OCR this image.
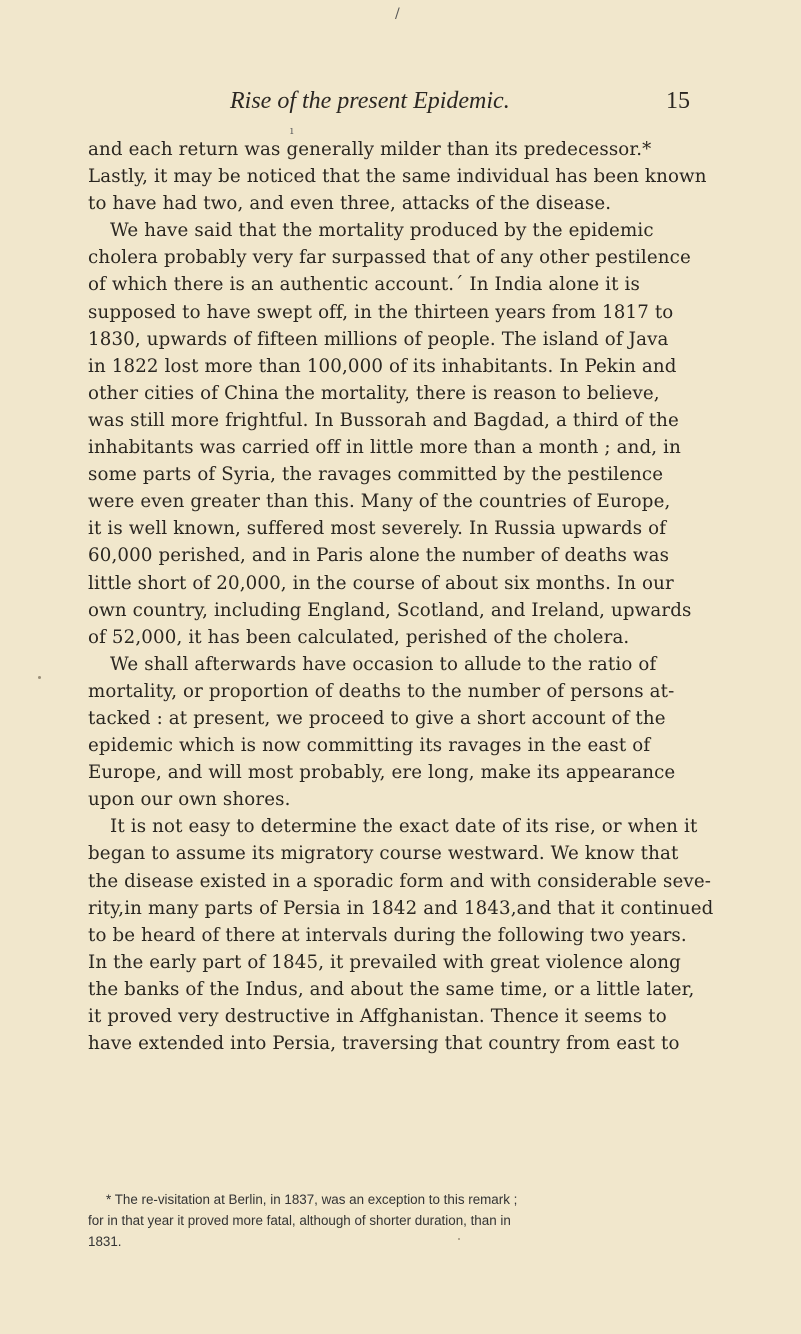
/
Rise of the present Epidemic.	15
ı
and each return was generally milder than its predecessor.*
Lastly, it may be noticed that the same individual has been known
to have had two, and even three, attacks of the disease.
We have said that the mortality produced by the epidemic
cholera probably very far surpassed that of any other pestilence
of which there is an authentic account.ˊ In India alone it is
supposed to have swept off, in the thirteen years from 1817 to
1830, upwards of fifteen millions of people. The island of Java
in 1822 lost more than 100,000 of its inhabitants. In Pekin and
other cities of China the mortality, there is reason to believe,
was still more frightful. In Bussorah and Bagdad, a third of the
inhabitants was carried off in little more than a month ; and, in
some parts of Syria, the ravages committed by the pestilence
were even greater than this. Many of the countries of Europe,
it is well known, suffered most severely. In Russia upwards of
60,000 perished, and in Paris alone the number of deaths was
little short of 20,000, in the course of about six months. In our
own country, including England, Scotland, and Ireland, upwards
of 52,000, it has been calculated, perished of the cholera.
We shall afterwards have occasion to allude to the ratio of
mortality, or proportion of deaths to the number of persons at-
tacked : at present, we proceed to give a short account of the
epidemic which is now committing its ravages in the east of
Europe, and will most probably, ere long, make its appearance
upon our own shores.
It is not easy to determine the exact date of its rise, or when it
began to assume its migratory course westward. We know that
the disease existed in a sporadic form and with considerable seve-
rity,in many parts of Persia in 1842 and 1843,and that it continued
to be heard of there at intervals during the following two years.
In the early part of 1845, it prevailed with great violence along
the banks of the Indus, and about the same time, or a little later,
it proved very destructive in Affghanistan. Thence it seems to
have extended into Persia, traversing that country from east to
* The re-visitation at Berlin, in 1837, was an exception to this remark ;
for in that year it proved more fatal, although of shorter duration, than in
1831.
